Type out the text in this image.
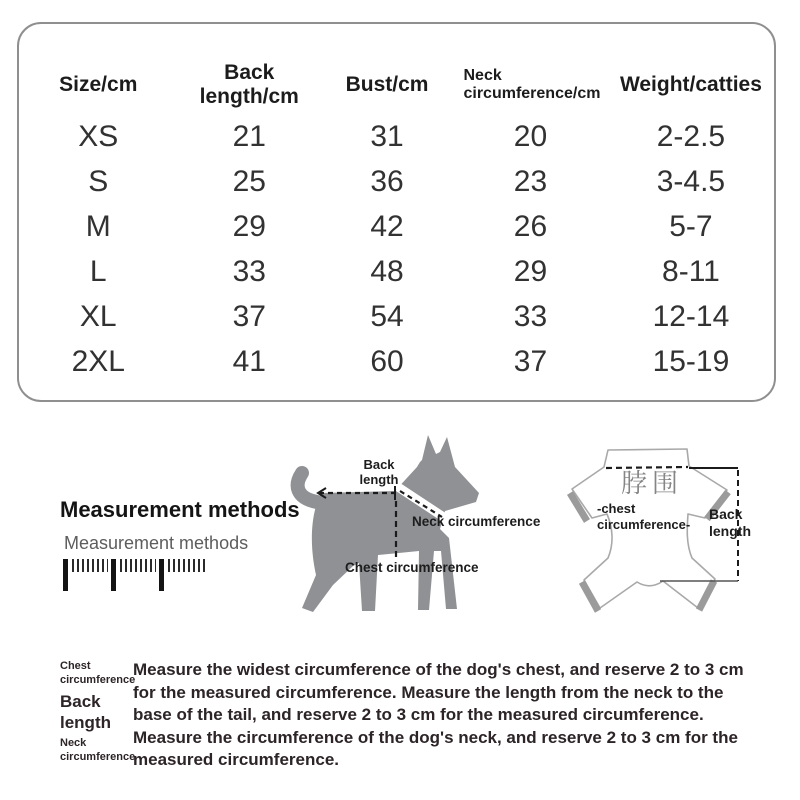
Size/cm	Back length/cm	Bust/cm	Neck circumference/cm	Weight/catties
XS	21	31	20	2-2.5
S	25	36	23	3-4.5
M	29	42	26	5-7
L	33	48	29	8-11
XL	37	54	33	12-14
2XL	41	60	37	15-19
Measurement methods
Measurement methods
Back length
Neck circumference
Chest circumference
脖围
-chest circumference-
Back length
Chest circumference
Back length
Neck circumference
Measure the widest circumference of the dog's chest, and reserve 2 to 3 cm for the measured circumference. Measure the length from the neck to the base of the tail, and reserve 2 to 3 cm for the measured circumference. Measure the circumference of the dog's neck, and reserve 2 to 3 cm for the measured circumference.
